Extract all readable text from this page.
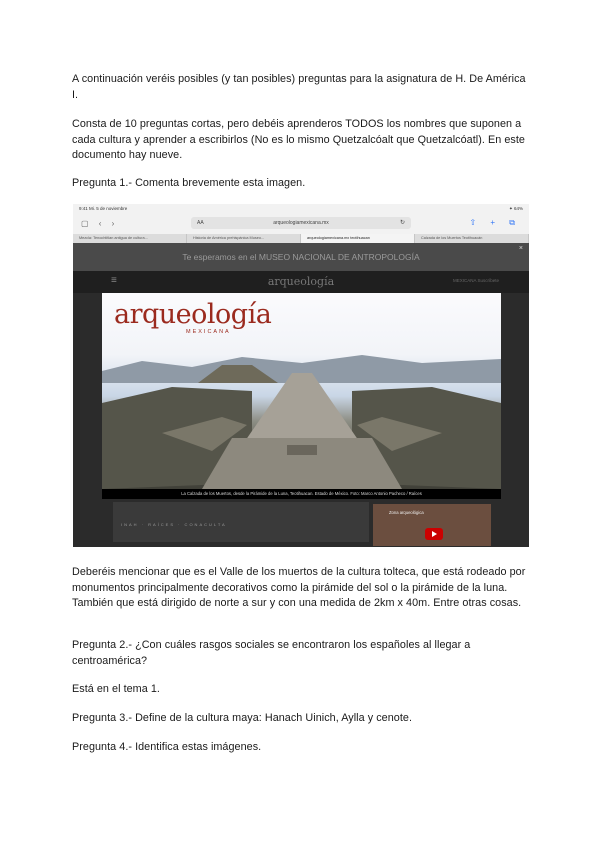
A continuación veréis posibles (y tan posibles) preguntas para la asignatura de H. De América I.

Consta de 10 preguntas cortas, pero debéis aprenderos TODOS los nombres que suponen a cada cultura y aprender a escribirlos (No es lo mismo Quetzalcóalt que Quetzalcóatl). En este documento hay nueve.

Pregunta 1.- Comenta brevemente esta imagen.

9:41 Mi. 5 de noviembre	✦ 64%
▢ ‹ ›	AA	arqueologiamexicana.mx	↻	⇧ + ⧉
Mezcla: Tenochtitlan antigua de cultura...	Historia de América prehispánica Museo...	arqueologiamexicana.mx teotihuacan	Calzada de los Muertos Teotihuacán
Te esperamos en el MUSEO NACIONAL DE ANTROPOLOGÍA
×
≡	arqueología	MEXICANA Suscríbete
arqueología
MEXICANA
La Calzada de los Muertos, desde la Pirámide de la Luna, Teotihuacan. Estado de México. Foto: Marco Antonio Pacheco / Raíces
INAH · RAÍCES · CONACULTA
Zona arqueológica

Deberéis mencionar que es el Valle de los muertos de la cultura tolteca, que está rodeado por monumentos principalmente decorativos como la pirámide del sol o la pirámide de la luna. También que está dirigido de norte a sur y con una medida de 2km x 40m. Entre otras cosas.

Pregunta 2.- ¿Con cuáles rasgos sociales se encontraron los españoles al llegar a centroamérica?

Está en el tema 1.

Pregunta 3.- Define de la cultura maya: Hanach Uinich, Aylla y cenote.

Pregunta 4.- Identifica estas imágenes.
